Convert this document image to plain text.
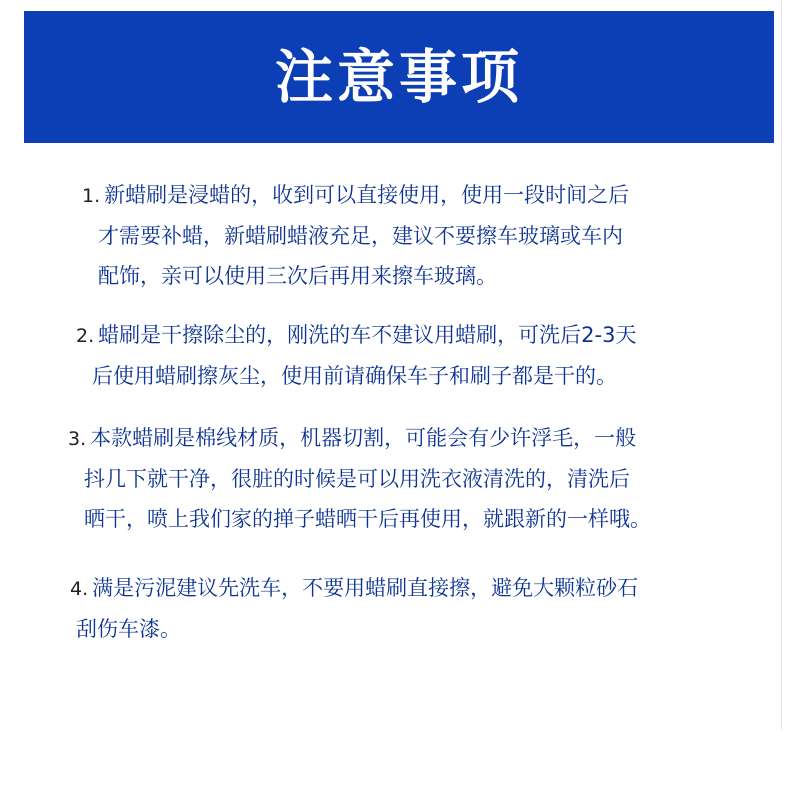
注意事项
1. 新蜡刷是浸蜡的，收到可以直接使用，使用一段时间之后
才需要补蜡，新蜡刷蜡液充足，建议不要擦车玻璃或车内
配饰，亲可以使用三次后再用来擦车玻璃。
2. 蜡刷是干擦除尘的，刚洗的车不建议用蜡刷，可洗后2-3天
后使用蜡刷擦灰尘，使用前请确保车子和刷子都是干的。
3. 本款蜡刷是棉线材质，机器切割，可能会有少许浮毛，一般
抖几下就干净，很脏的时候是可以用洗衣液清洗的，清洗后
晒干，喷上我们家的掸子蜡晒干后再使用，就跟新的一样哦。
4. 满是污泥建议先洗车，不要用蜡刷直接擦，避免大颗粒砂石
刮伤车漆。
